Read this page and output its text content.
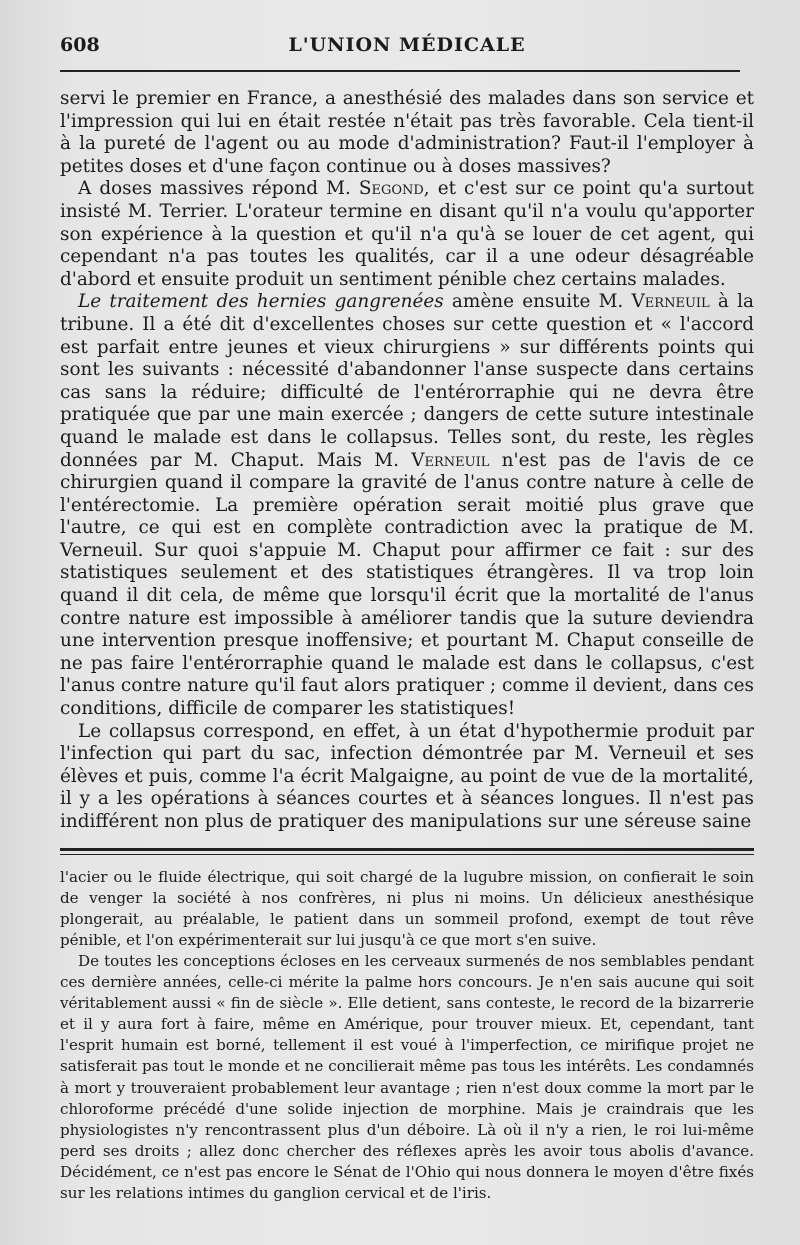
608	L'UNION MÉDICALE

servi le premier en France, a anesthésié des malades dans son service et l'impression qui lui en était restée n'était pas très favorable. Cela tient-il à la pureté de l'agent ou au mode d'administration? Faut-il l'employer à petites doses et d'une façon continue ou à doses massives?

A doses massives répond M. Segond, et c'est sur ce point qu'a surtout insisté M. Terrier. L'orateur termine en disant qu'il n'a voulu qu'apporter son expérience à la question et qu'il n'a qu'à se louer de cet agent, qui cependant n'a pas toutes les qualités, car il a une odeur désagréable d'abord et ensuite produit un sentiment pénible chez certains malades.

Le traitement des hernies gangrenées amène ensuite M. Verneuil à la tribune. Il a été dit d'excellentes choses sur cette question et « l'accord est parfait entre jeunes et vieux chirurgiens » sur différents points qui sont les suivants : nécessité d'abandonner l'anse suspecte dans certains cas sans la réduire; difficulté de l'entérorraphie qui ne devra être pratiquée que par une main exercée ; dangers de cette suture intestinale quand le malade est dans le collapsus. Telles sont, du reste, les règles données par M. Chaput. Mais M. Verneuil n'est pas de l'avis de ce chirurgien quand il compare la gravité de l'anus contre nature à celle de l'entérectomie. La première opération serait moitié plus grave que l'autre, ce qui est en complète contradiction avec la pratique de M. Verneuil. Sur quoi s'appuie M. Chaput pour affirmer ce fait : sur des statistiques seulement et des statistiques étrangères. Il va trop loin quand il dit cela, de même que lorsqu'il écrit que la mortalité de l'anus contre nature est impossible à améliorer tandis que la suture deviendra une intervention presque inoffensive; et pourtant M. Chaput conseille de ne pas faire l'entérorraphie quand le malade est dans le collapsus, c'est l'anus contre nature qu'il faut alors pratiquer ; comme il devient, dans ces conditions, difficile de comparer les statistiques!

Le collapsus correspond, en effet, à un état d'hypothermie produit par l'infection qui part du sac, infection démontrée par M. Verneuil et ses élèves et puis, comme l'a écrit Malgaigne, au point de vue de la mortalité, il y a les opérations à séances courtes et à séances longues. Il n'est pas indifférent non plus de pratiquer des manipulations sur une séreuse saine

l'acier ou le fluide électrique, qui soit chargé de la lugubre mission, on confierait le soin de venger la société à nos confrères, ni plus ni moins. Un délicieux anesthésique plongerait, au préalable, le patient dans un sommeil profond, exempt de tout rêve pénible, et l'on expérimenterait sur lui jusqu'à ce que mort s'en suive.

De toutes les conceptions écloses en les cerveaux surmenés de nos semblables pendant ces dernière années, celle-ci mérite la palme hors concours. Je n'en sais aucune qui soit véritablement aussi « fin de siècle ». Elle detient, sans conteste, le record de la bizarrerie et il y aura fort à faire, même en Amérique, pour trouver mieux. Et, cependant, tant l'esprit humain est borné, tellement il est voué à l'imperfection, ce mirifique projet ne satisferait pas tout le monde et ne concilierait même pas tous les intérêts. Les condamnés à mort y trouveraient probablement leur avantage ; rien n'est doux comme la mort par le chloroforme précédé d'une solide injection de morphine. Mais je craindrais que les physiologistes n'y rencontrassent plus d'un déboire. Là où il n'y a rien, le roi lui-même perd ses droits ; allez donc chercher des réflexes après les avoir tous abolis d'avance. Décidément, ce n'est pas encore le Sénat de l'Ohio qui nous donnera le moyen d'être fixés sur les relations intimes du ganglion cervical et de l'iris.
